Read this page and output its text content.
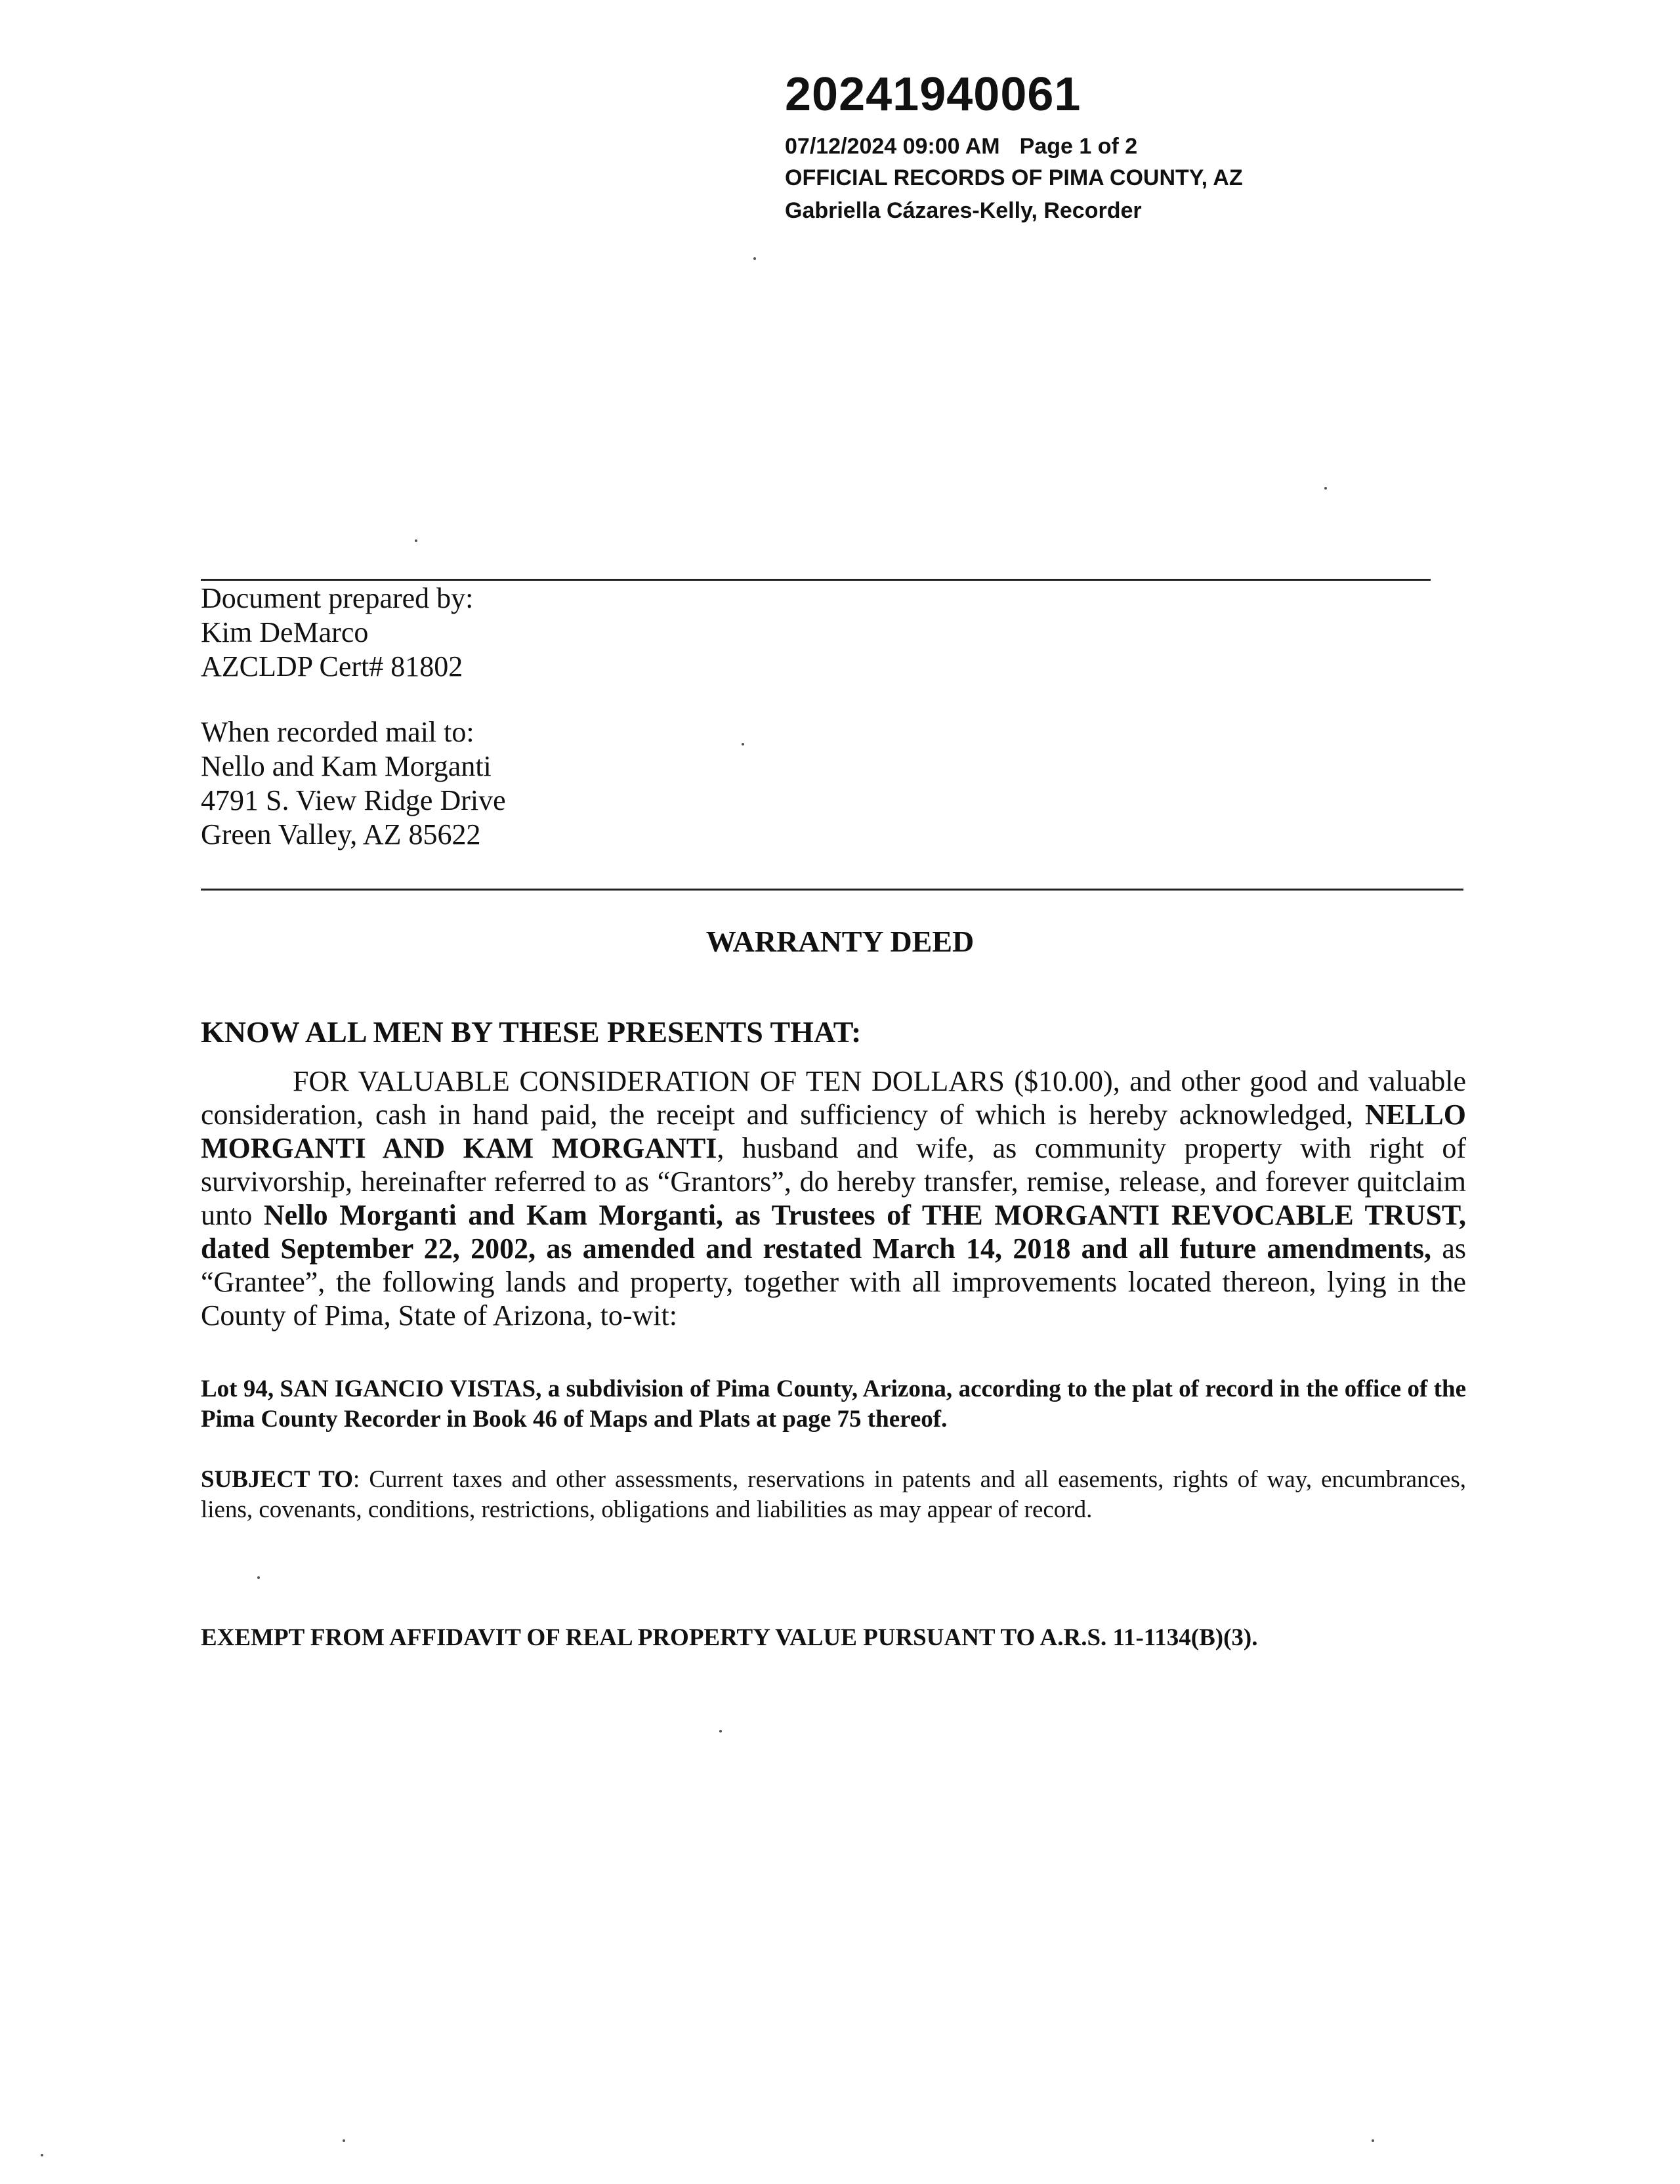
20241940061
07/12/2024 09:00 AM Page 1 of 2
OFFICIAL RECORDS OF PIMA COUNTY, AZ
Gabriella Cázares-Kelly, Recorder
Document prepared by:
Kim DeMarco
AZCLDP Cert# 81802
When recorded mail to:
Nello and Kam Morganti
4791 S. View Ridge Drive
Green Valley, AZ 85622
WARRANTY DEED
KNOW ALL MEN BY THESE PRESENTS THAT:
FOR VALUABLE CONSIDERATION OF TEN DOLLARS ($10.00), and other good and valuable consideration, cash in hand paid, the receipt and sufficiency of which is hereby acknowledged, NELLO MORGANTI AND KAM MORGANTI, husband and wife, as community property with right of survivorship, hereinafter referred to as “Grantors”, do hereby transfer, remise, release, and forever quitclaim unto Nello Morganti and Kam Morganti, as Trustees of THE MORGANTI REVOCABLE TRUST, dated September 22, 2002, as amended and restated March 14, 2018 and all future amendments, as “Grantee”, the following lands and property, together with all improvements located thereon, lying in the County of Pima, State of Arizona, to-wit:
Lot 94, SAN IGANCIO VISTAS, a subdivision of Pima County, Arizona, according to the plat of record in the office of the Pima County Recorder in Book 46 of Maps and Plats at page 75 thereof.
SUBJECT TO: Current taxes and other assessments, reservations in patents and all easements, rights of way, encumbrances, liens, covenants, conditions, restrictions, obligations and liabilities as may appear of record.
EXEMPT FROM AFFIDAVIT OF REAL PROPERTY VALUE PURSUANT TO A.R.S. 11-1134(B)(3).
